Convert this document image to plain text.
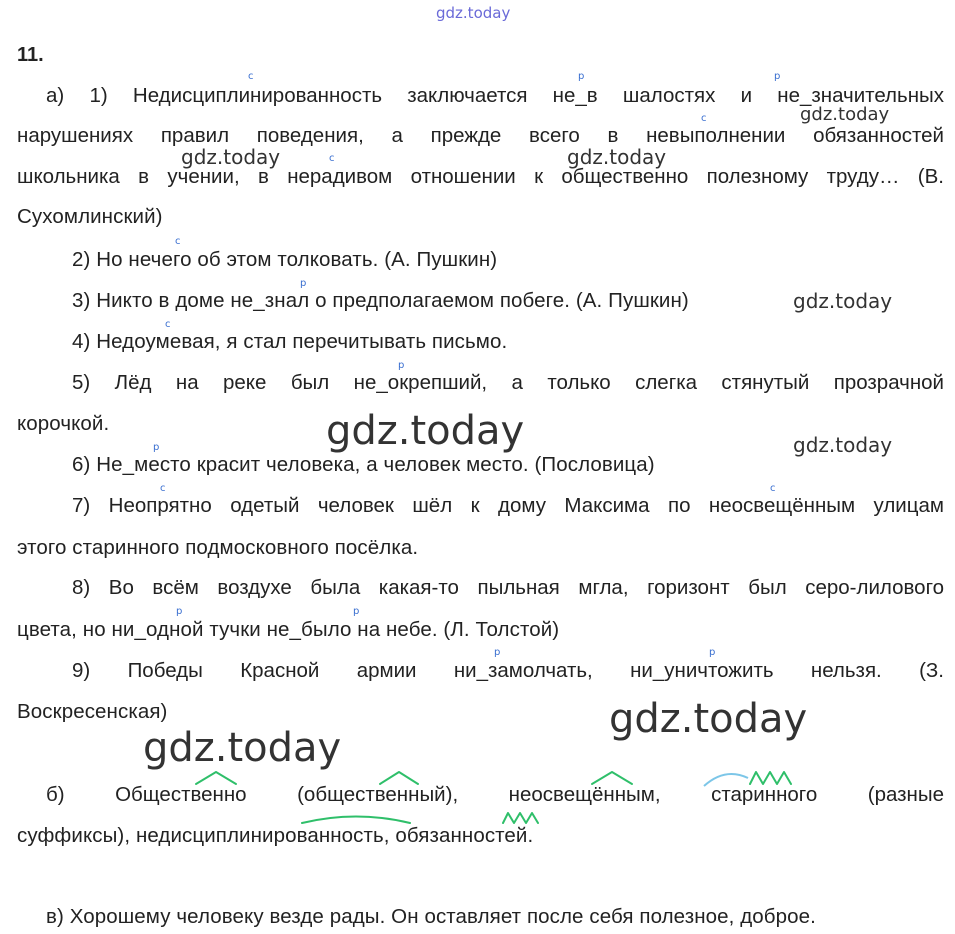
gdz.today
gdz.today
gdz.today	gdz.today
gdz.today
gdz.today	gdz.today
gdz.today
gdz.today
11.
а) 1) Недисциплинированность заключается не_в шалостях и не_значительных
нарушениях правил поведения, а прежде всего в невыполнении обязанностей
школьника в учении, в нерадивом отношении к общественно полезному труду… (В.
Сухомлинский)
2) Но нечего об этом толковать. (А. Пушкин)
3) Никто в доме не_знал о предполагаемом побеге. (А. Пушкин)
4) Недоумевая, я стал перечитывать письмо.
5) Лёд на реке был не_окрепший, а только слегка стянутый прозрачной
корочкой.
6) Не_место красит человека, а человек место. (Пословица)
7) Неопрятно одетый человек шёл к дому Максима по неосвещённым улицам
этого старинного подмосковного посёлка.
8) Во всём воздухе была какая-то пыльная мгла, горизонт был серо-лилового
цвета, но ни_одной тучки не_было на небе. (Л. Толстой)
9) Победы Красной армии ни_замолчать, ни_уничтожить нельзя. (З.
Воскресенская)
б) Общественно (общественный), неосвещённым, старинного (разные
суффиксы), недисциплинированность, обязанностей.
в) Хорошему человеку везде рады. Он оставляет после себя полезное, доброе.
с	р	р
с
с
с
р
с
р
р
с	с
р	р
р	р
